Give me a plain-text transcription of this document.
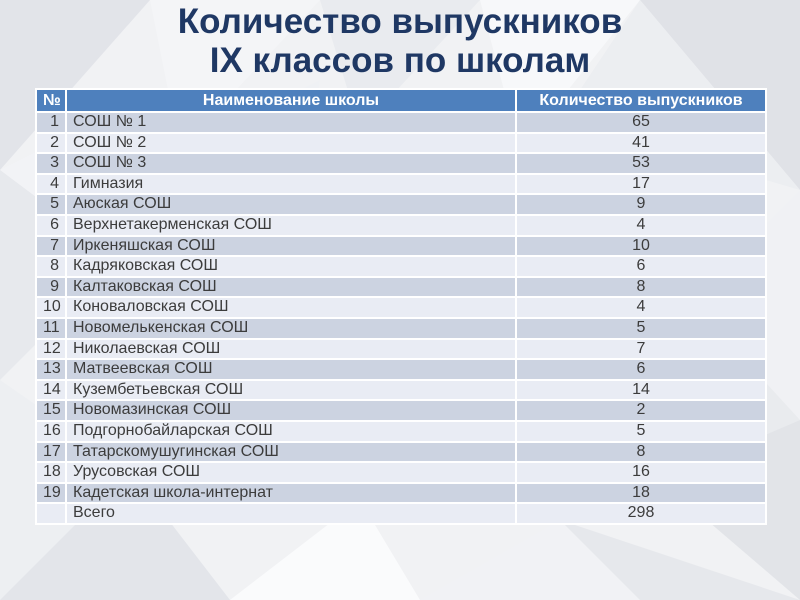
Количество выпускников
IX классов по школам
№	Наименование школы	Количество выпускников
1	СОШ № 1	65
2	СОШ № 2	41
3	СОШ № 3	53
4	Гимназия	17
5	Аюская СОШ	9
6	Верхнетакерменская СОШ	4
7	Иркеняшская СОШ	10
8	Кадряковская СОШ	6
9	Калтаковская СОШ	8
10	Коноваловская СОШ	4
11	Новомелькенская СОШ	5
12	Николаевская СОШ	7
13	Матвеевская СОШ	6
14	Кузембетьевская СОШ	14
15	Новомазинская СОШ	2
16	Подгорнобайларская СОШ	5
17	Татарскомушугинская СОШ	8
18	Урусовская СОШ	16
19	Кадетская школа-интернат	18
	Всего	298
